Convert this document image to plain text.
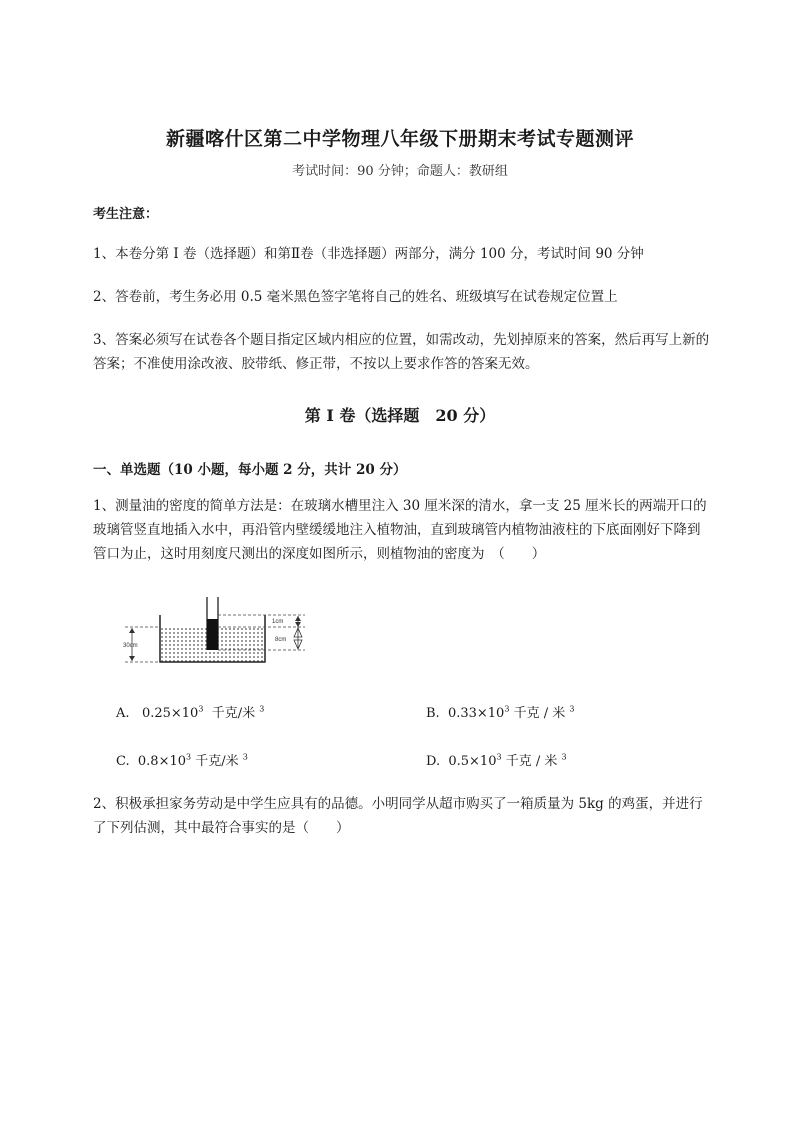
新疆喀什区第二中学物理八年级下册期末考试专题测评
考试时间：90 分钟；命题人：教研组
考生注意：
1、本卷分第 I 卷（选择题）和第Ⅱ卷（非选择题）两部分，满分 100 分，考试时间 90 分钟
2、答卷前，考生务必用 0.5 毫米黑色签字笔将自己的姓名、班级填写在试卷规定位置上
3、答案必须写在试卷各个题目指定区域内相应的位置，如需改动，先划掉原来的答案，然后再写上新的答案；不准使用涂改液、胶带纸、修正带，不按以上要求作答的答案无效。
第 I 卷（选择题　20 分）
一、单选题（10 小题，每小题 2 分，共计 20 分）
1、测量油的密度的简单方法是：在玻璃水槽里注入 30 厘米深的清水，拿一支 25 厘米长的两端开口的玻璃管竖直地插入水中，再沿管内壁缓缓地注入植物油，直到玻璃管内植物油液柱的下底面刚好下降到管口为止，这时用刻度尺测出的深度如图所示，则植物油的密度为　（　　）
30cm
1cm
8cm
A. $0.25\times 10^3$ 千克/米 $^3$	B. $0.33\times 10^3$ 千克 / 米 $^3$
C. $0.8\times 10^3$ 千克/米 $^3$	D. $0.5\times 10^3$ 千克 / 米 $^3$
2、积极承担家务劳动是中学生应具有的品德。小明同学从超市购买了一箱质量为 5kg 的鸡蛋，并进行了下列估测，其中最符合事实的是（　　）
